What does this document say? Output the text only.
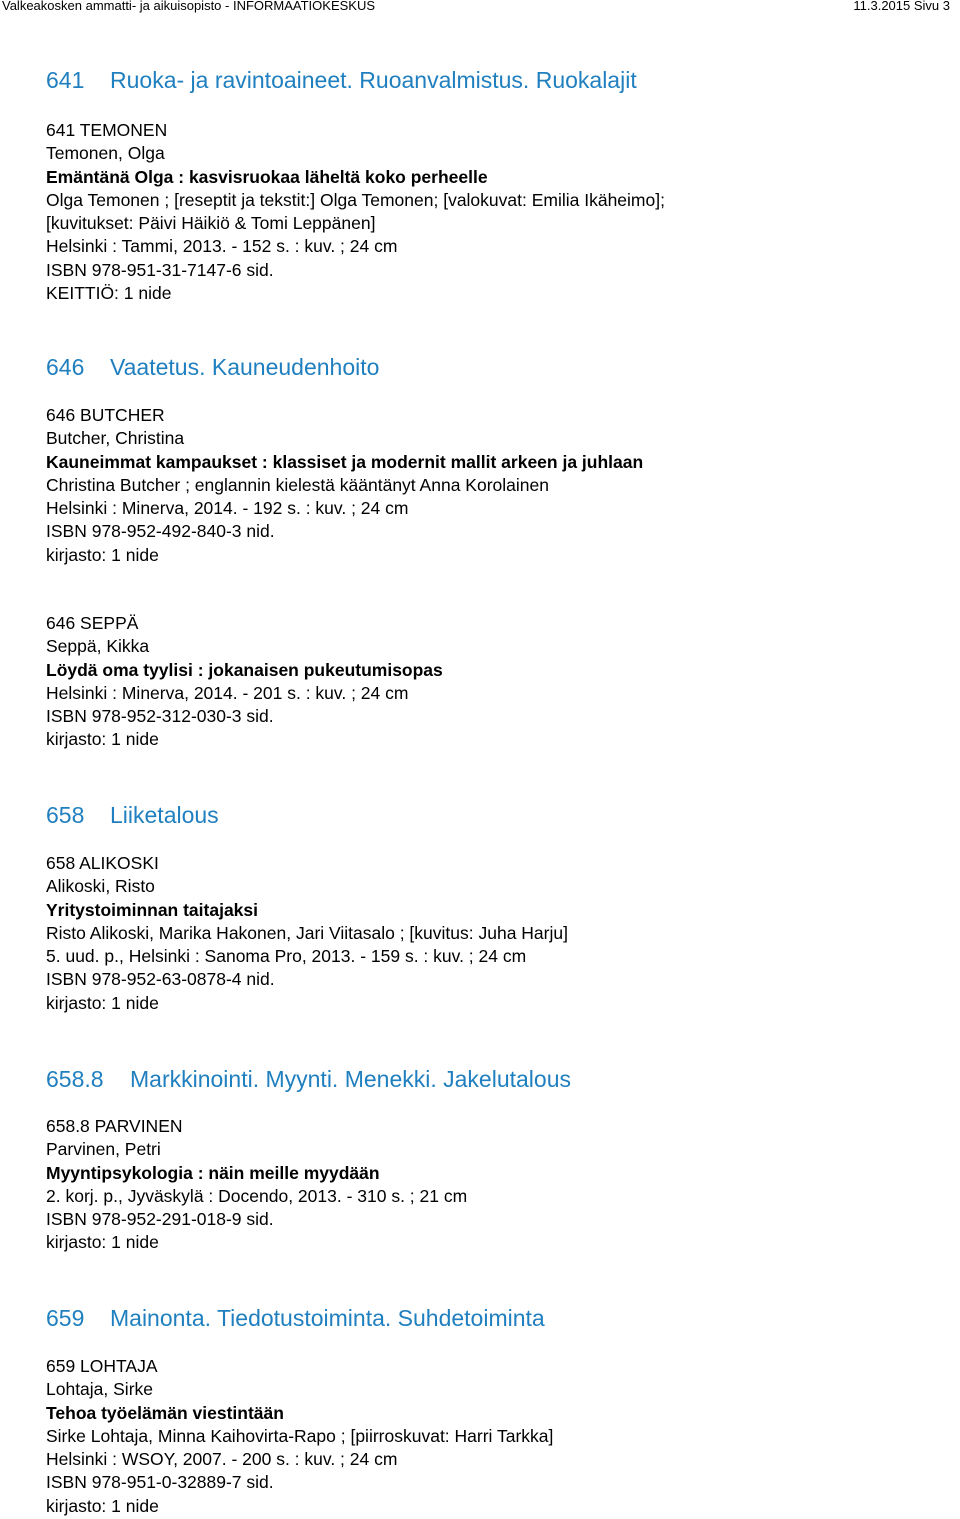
Valkeakosken ammatti- ja aikuisopisto - INFORMAATIOKESKUS	11.3.2015 Sivu 3
641 Ruoka- ja ravintoaineet. Ruoanvalmistus. Ruokalajit
641 TEMONEN
Temonen, Olga
Emäntänä Olga : kasvisruokaa läheltä koko perheelle
Olga Temonen ; [reseptit ja tekstit:] Olga Temonen; [valokuvat: Emilia Ikäheimo];
[kuvitukset: Päivi Häikiö & Tomi Leppänen]
Helsinki : Tammi, 2013. - 152 s. : kuv. ; 24 cm
ISBN 978-951-31-7147-6 sid.
KEITTIÖ: 1 nide
646 Vaatetus. Kauneudenhoito
646 BUTCHER
Butcher, Christina
Kauneimmat kampaukset : klassiset ja modernit mallit arkeen ja juhlaan
Christina Butcher ; englannin kielestä kääntänyt Anna Korolainen
Helsinki : Minerva, 2014. - 192 s. : kuv. ; 24 cm
ISBN 978-952-492-840-3 nid.
kirjasto: 1 nide
646 SEPPÄ
Seppä, Kikka
Löydä oma tyylisi : jokanaisen pukeutumisopas
Helsinki : Minerva, 2014. - 201 s. : kuv. ; 24 cm
ISBN 978-952-312-030-3 sid.
kirjasto: 1 nide
658 Liiketalous
658 ALIKOSKI
Alikoski, Risto
Yritystoiminnan taitajaksi
Risto Alikoski, Marika Hakonen, Jari Viitasalo ; [kuvitus: Juha Harju]
5. uud. p., Helsinki : Sanoma Pro, 2013. - 159 s. : kuv. ; 24 cm
ISBN 978-952-63-0878-4 nid.
kirjasto: 1 nide
658.8 Markkinointi. Myynti. Menekki. Jakelutalous
658.8 PARVINEN
Parvinen, Petri
Myyntipsykologia : näin meille myydään
2. korj. p., Jyväskylä : Docendo, 2013. - 310 s. ; 21 cm
ISBN 978-952-291-018-9 sid.
kirjasto: 1 nide
659 Mainonta. Tiedotustoiminta. Suhdetoiminta
659 LOHTAJA
Lohtaja, Sirke
Tehoa työelämän viestintään
Sirke Lohtaja, Minna Kaihovirta-Rapo ; [piirroskuvat: Harri Tarkka]
Helsinki : WSOY, 2007. - 200 s. : kuv. ; 24 cm
ISBN 978-951-0-32889-7 sid.
kirjasto: 1 nide
